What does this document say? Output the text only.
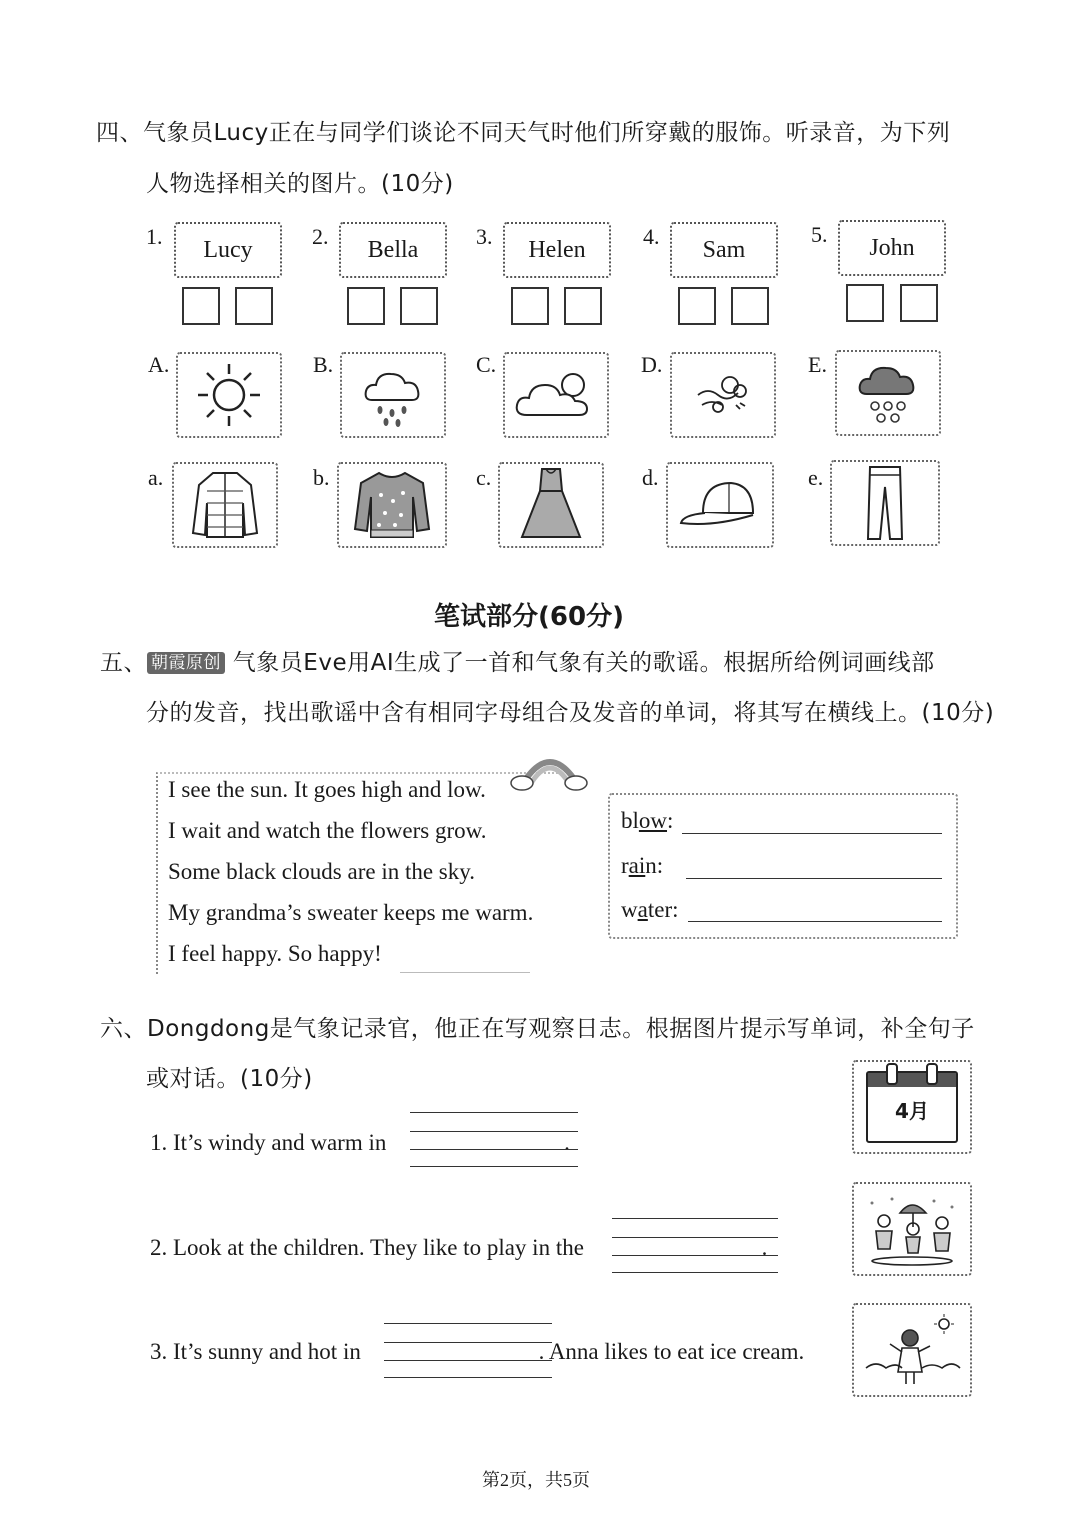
四、气象员Lucy正在与同学们谈论不同天气时他们所穿戴的服饰。听录音，为下列
人物选择相关的图片。(10分)
1.	Lucy	2.	Bella	3.	Helen	4.	Sam
5.	John
A.	B.	C.	D.	E.
a.	b.	c.	d.	e.
笔试部分(60分)
五、 朝霞原创 气象员Eve用AI生成了一首和气象有关的歌谣。根据所给例词画线部
分的发音，找出歌谣中含有相同字母组合及发音的单词，将其写在横线上。(10分)
I see the sun. It goes high and low.
I wait and watch the flowers grow.
Some black clouds are in the sky.
My grandma’s sweater keeps me warm.
I feel happy. So happy!
blow:
rain:
water:
六、Dongdong是气象记录官，他正在写观察日志。根据图片提示写单词，补全句子
或对话。(10分)
4月
1. It’s windy and warm in	.
2. Look at the children. They like to play in the	.
3. It’s sunny and hot in	. Anna likes to eat ice cream.
第2页，共5页
